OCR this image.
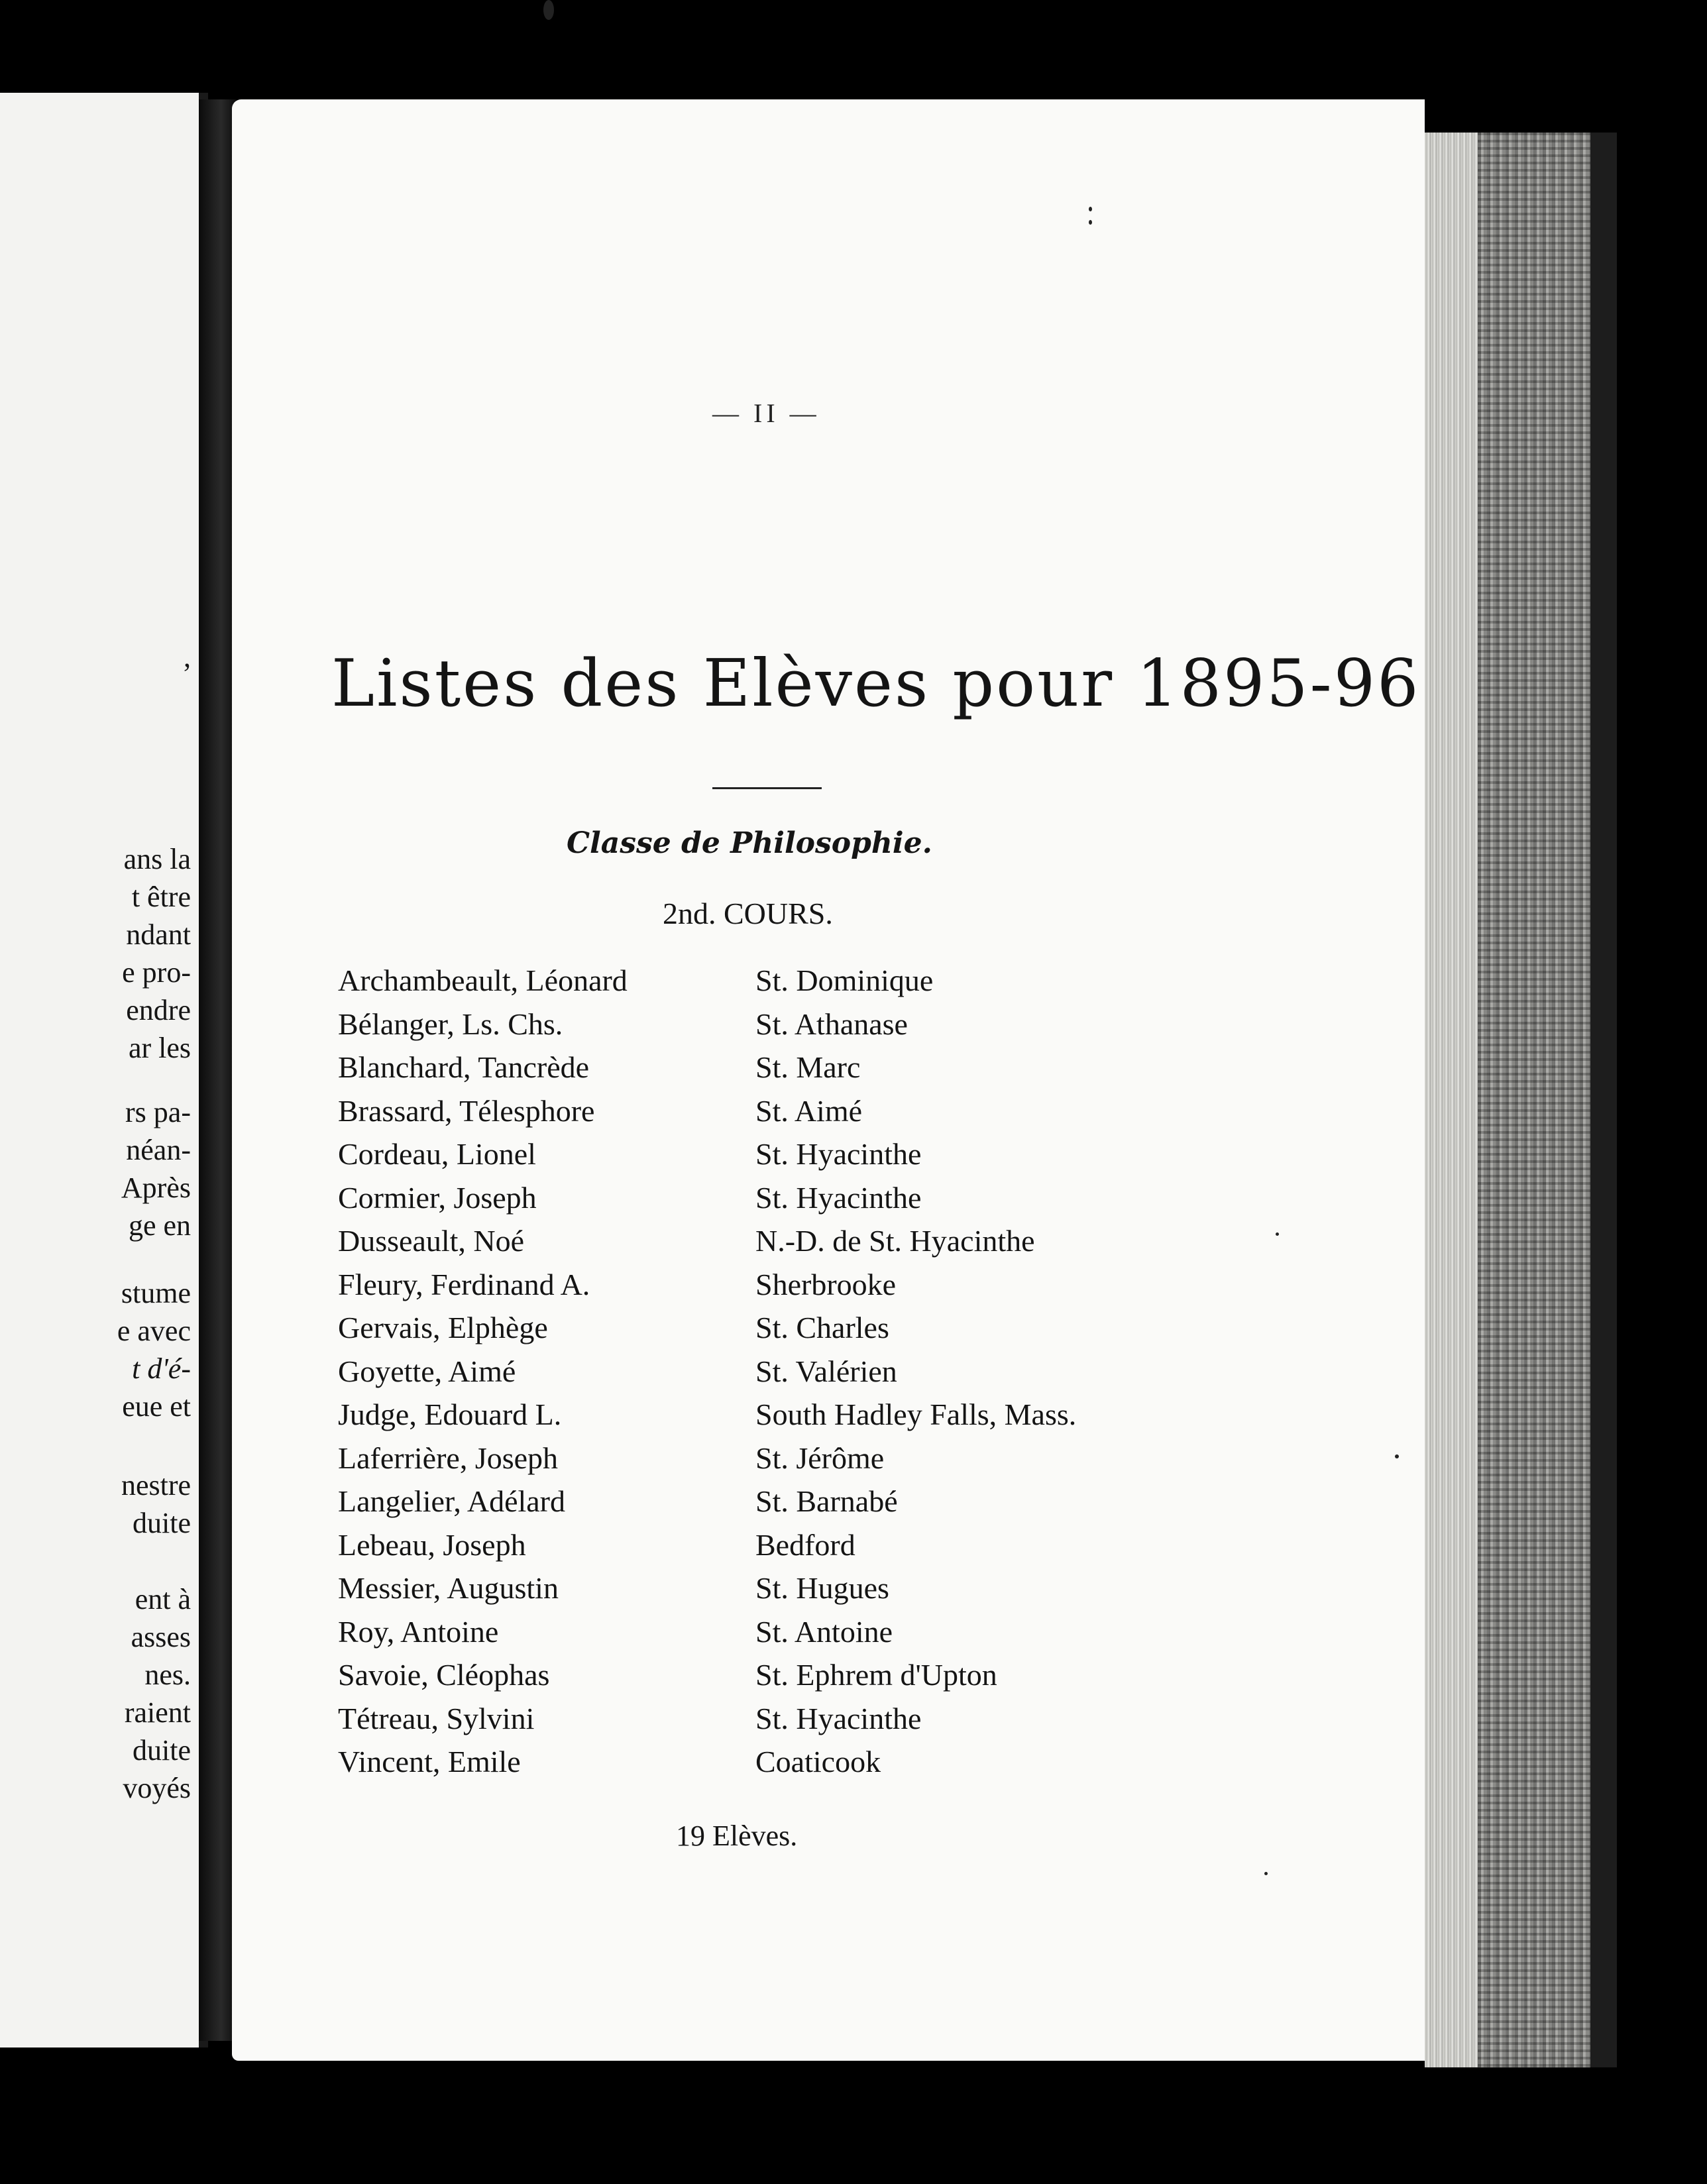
,
ans la
t être
ndant
e pro-
endre
ar les
rs pa-
néan-
Après
ge en
stume
e avec
t d'é-
eue et
nestre
duite
ent à
asses
nes.
raient
duite
voyés
— II —
Listes des Elèves pour 1895-96
Classe de Philosophie.
2nd. COURS.
Archambeault, Léonard	St. Dominique
Bélanger, Ls. Chs.	St. Athanase
Blanchard, Tancrède	St. Marc
Brassard, Télesphore	St. Aimé
Cordeau, Lionel	St. Hyacinthe
Cormier, Joseph	St. Hyacinthe
Dusseault, Noé	N.-D. de St. Hyacinthe
Fleury, Ferdinand A.	Sherbrooke
Gervais, Elphège	St. Charles
Goyette, Aimé	St. Valérien
Judge, Edouard L.	South Hadley Falls, Mass.
Laferrière, Joseph	St. Jérôme
Langelier, Adélard	St. Barnabé
Lebeau, Joseph	Bedford
Messier, Augustin	St. Hugues
Roy, Antoine	St. Antoine
Savoie, Cléophas	St. Ephrem d'Upton
Tétreau, Sylvini	St. Hyacinthe
Vincent, Emile	Coaticook
19 Elèves.
